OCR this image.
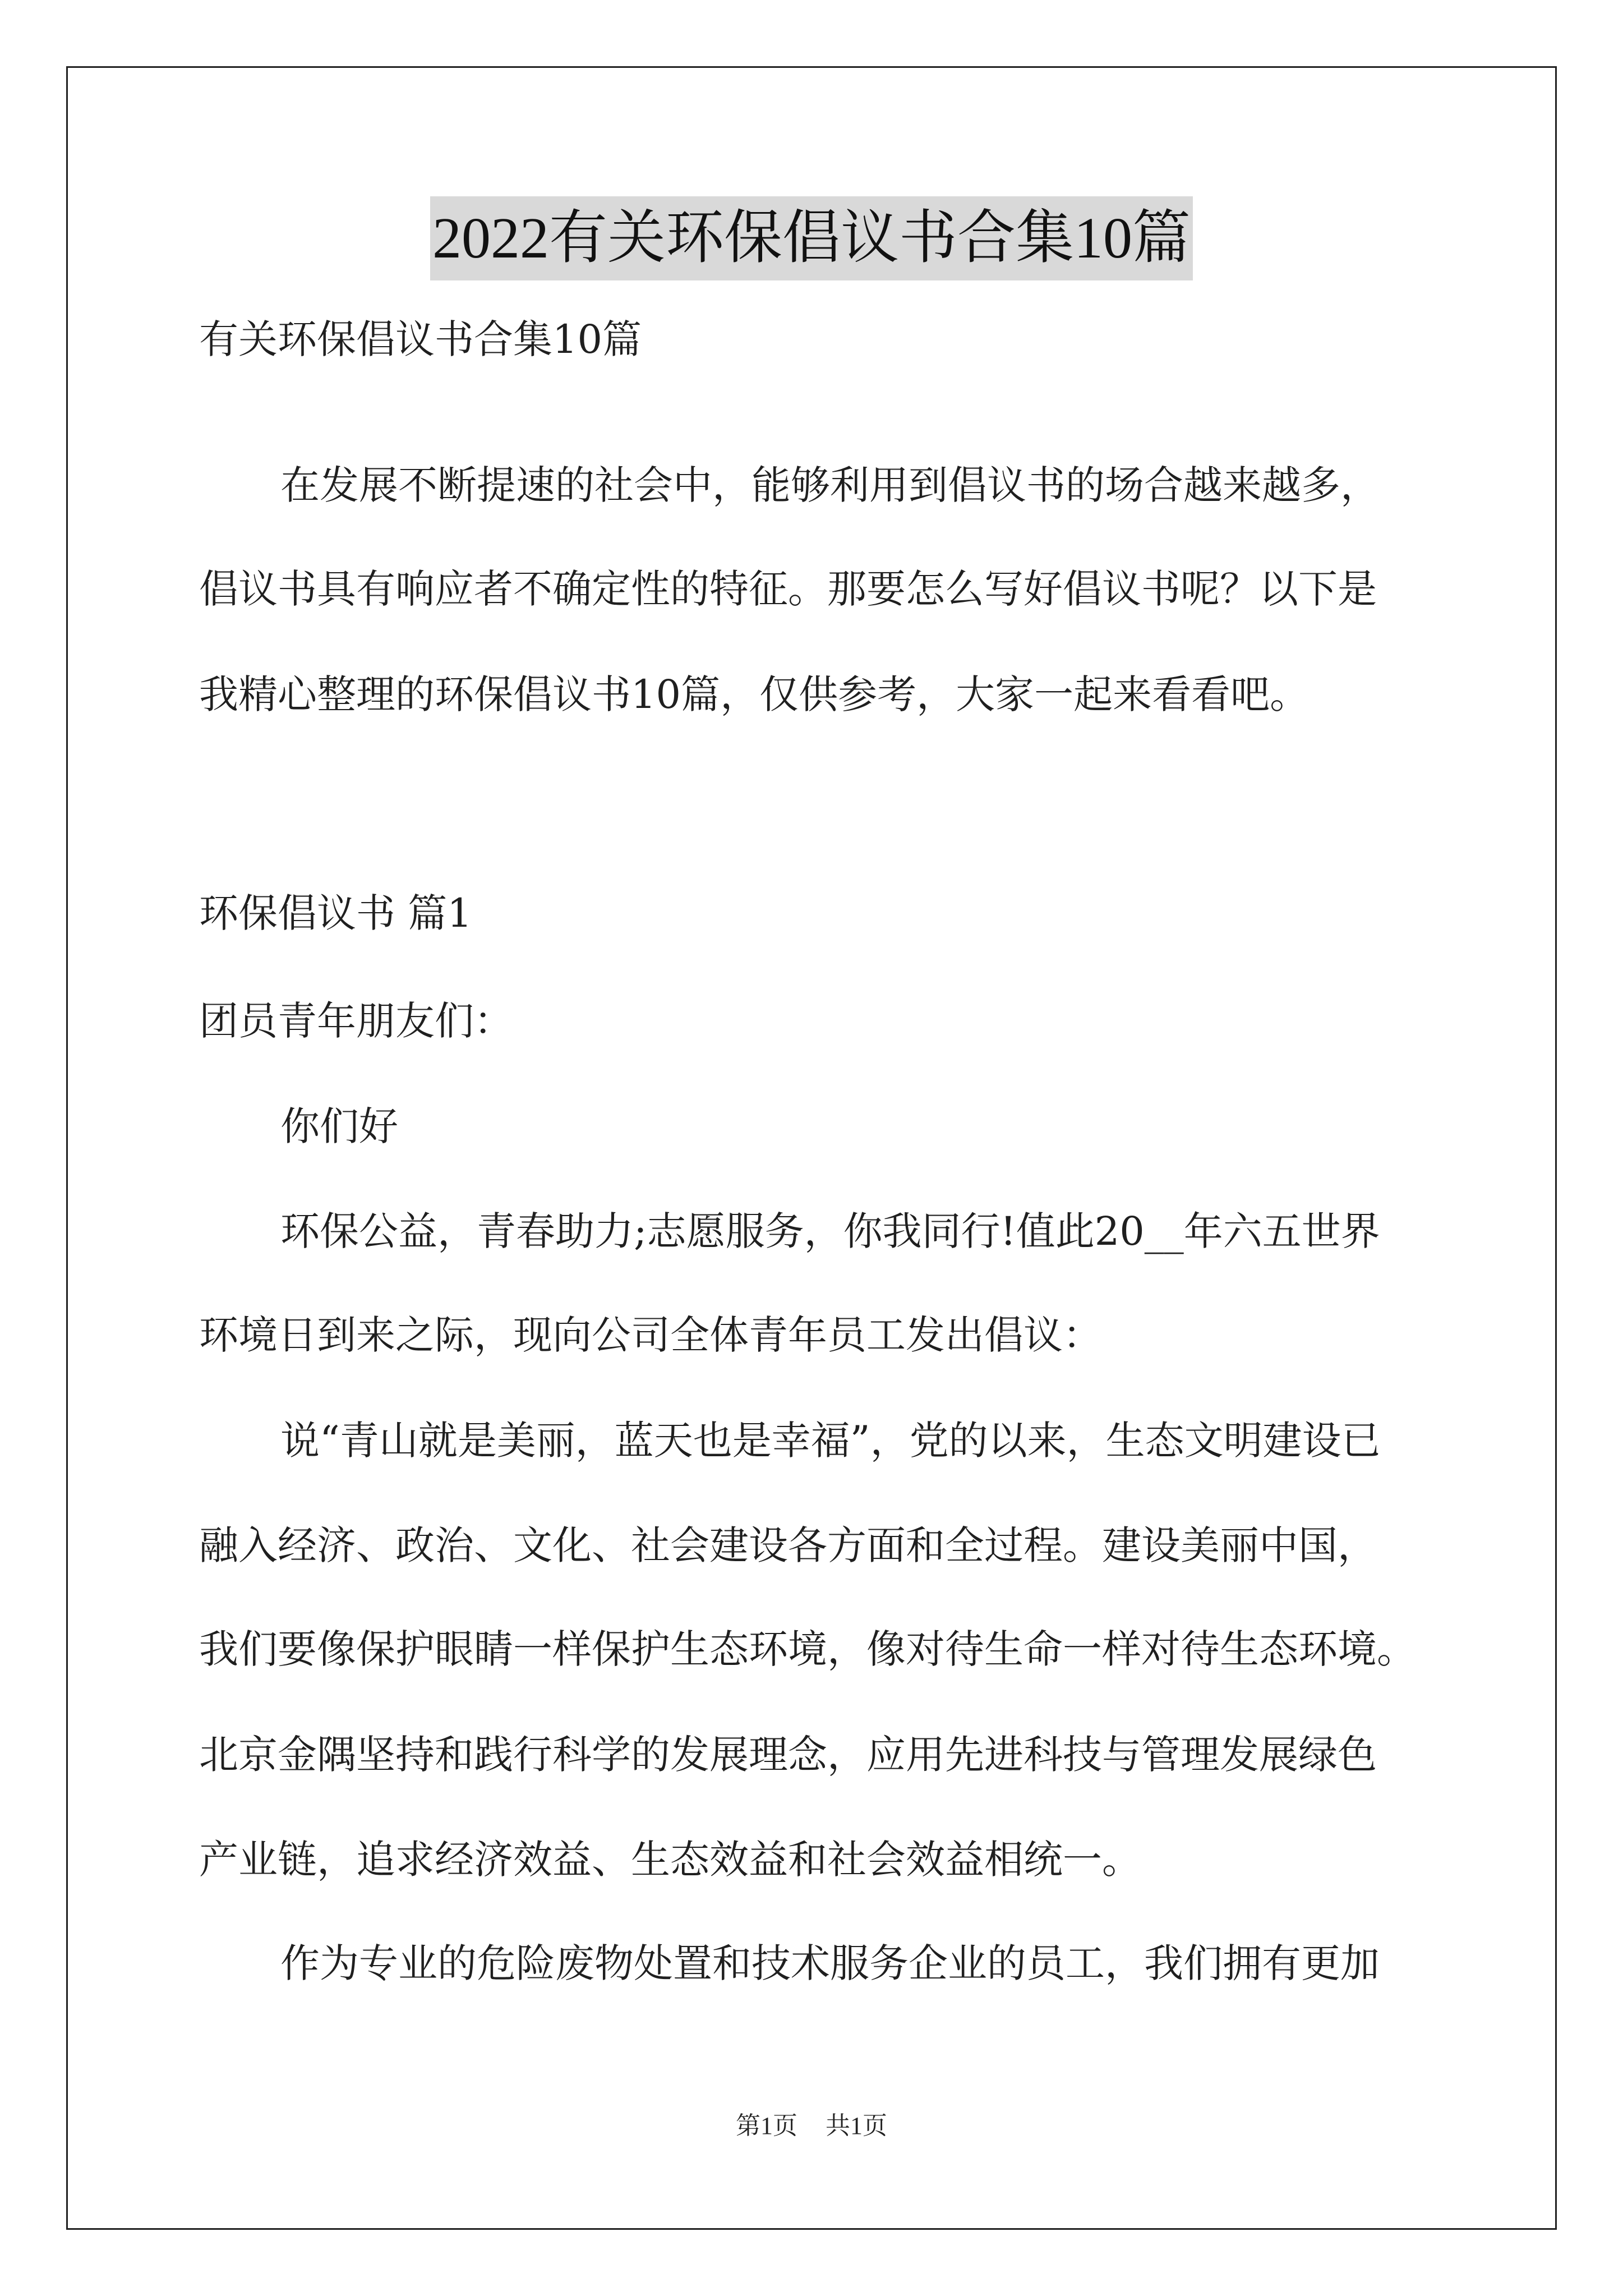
2022有关环保倡议书合集10篇
有关环保倡议书合集10篇
在发展不断提速的社会中，能够利用到倡议书的场合越来越多，
倡议书具有响应者不确定性的特征。那要怎么写好倡议书呢？以下是
我精心整理的环保倡议书10篇，仅供参考，大家一起来看看吧。
环保倡议书 篇1
团员青年朋友们：
你们好
环保公益，青春助力;志愿服务，你我同行!值此20__年六五世界
环境日到来之际，现向公司全体青年员工发出倡议：
说“青山就是美丽，蓝天也是幸福”，党的以来，生态文明建设已
融入经济、政治、文化、社会建设各方面和全过程。建设美丽中国，
我们要像保护眼睛一样保护生态环境，像对待生命一样对待生态环境。
北京金隅坚持和践行科学的发展理念，应用先进科技与管理发展绿色
产业链，追求经济效益、生态效益和社会效益相统一。
作为专业的危险废物处置和技术服务企业的员工，我们拥有更加
第1页 共1页
